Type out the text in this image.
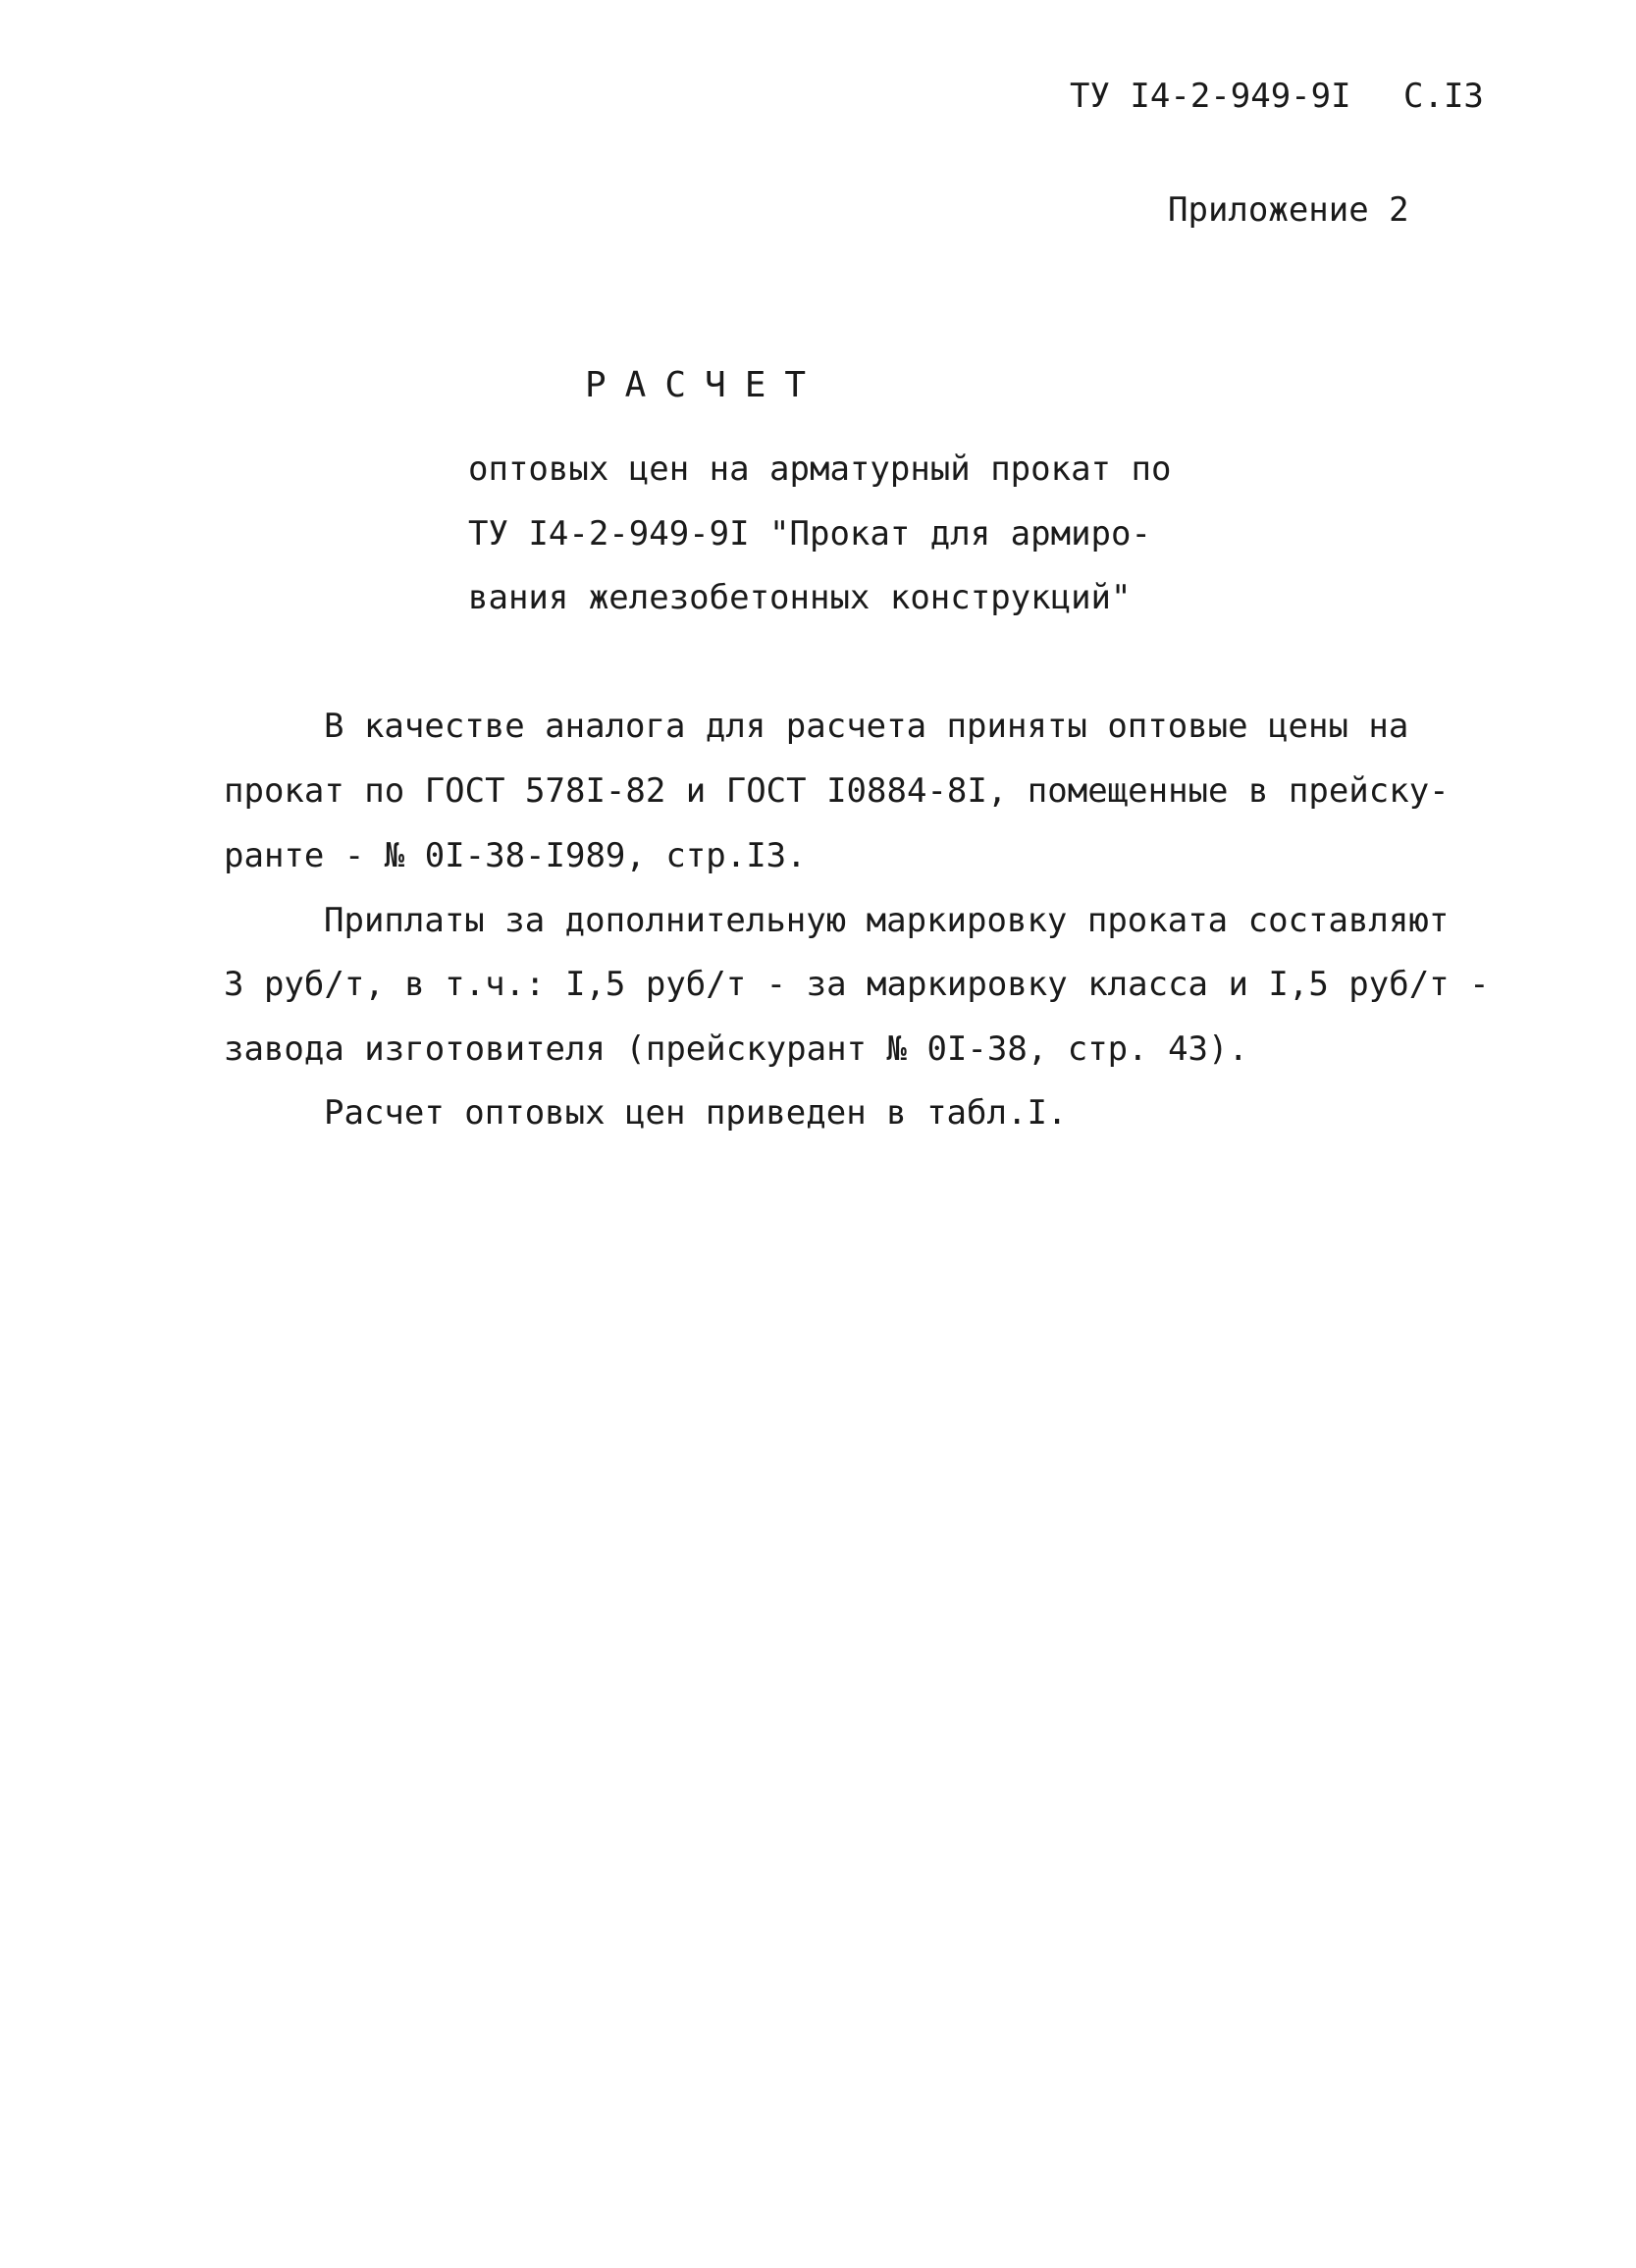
ТУ I4-2-949-9I С.I3
Приложение 2
РАСЧЕТ
оптовых цен на арматурный прокат по
ТУ I4-2-949-9I "Прокат для армиро-
вания железобетонных конструкций"
В качестве аналога для расчета приняты оптовые цены на
прокат по ГОСТ 578I-82 и ГОСТ I0884-8I, помещенные в прейску-
ранте - № 0I-38-I989, стр.I3.
Приплаты за дополнительную маркировку проката составляют
3 руб/т, в т.ч.: I,5 руб/т - за маркировку класса и I,5 руб/т -
завода изготовителя (прейскурант № 0I-38, стр. 43).
Расчет оптовых цен приведен в табл.I.
